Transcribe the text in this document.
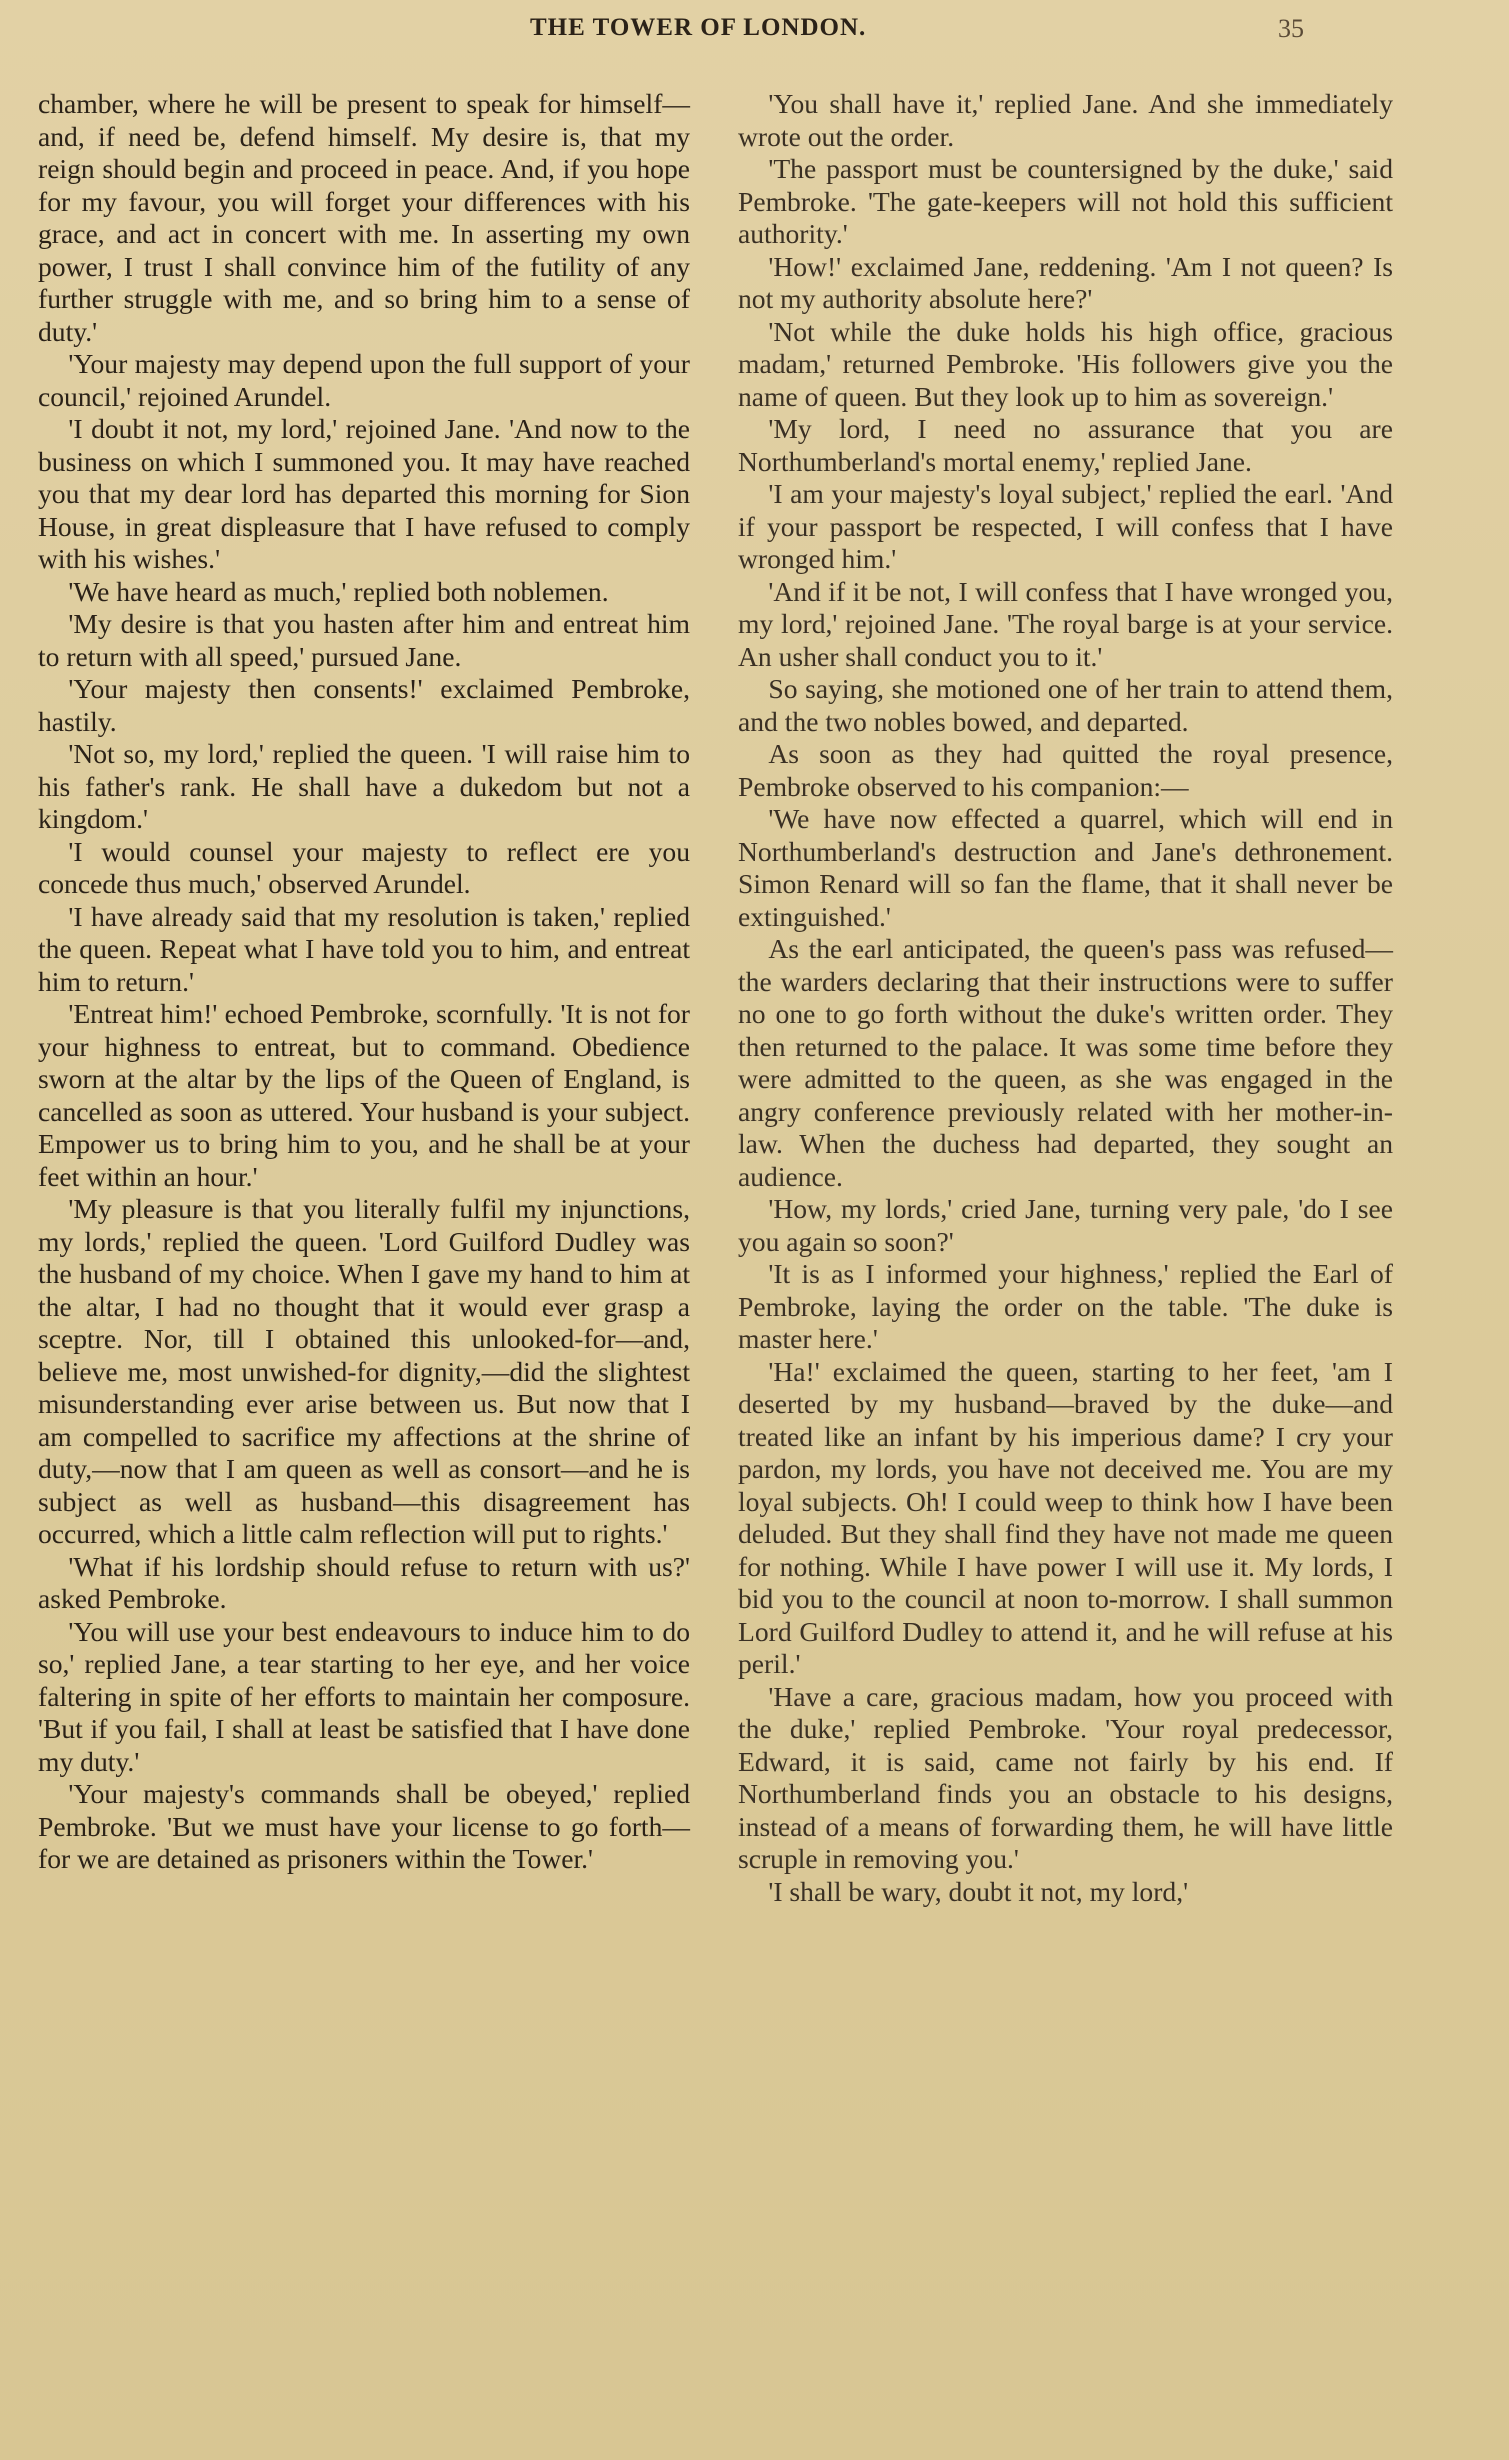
THE TOWER OF LONDON.	35

chamber, where he will be present to speak for himself—and, if need be, defend himself. My desire is, that my reign should begin and proceed in peace. And, if you hope for my favour, you will forget your differences with his grace, and act in concert with me. In asserting my own power, I trust I shall convince him of the futility of any further struggle with me, and so bring him to a sense of duty.'

'Your majesty may depend upon the full support of your council,' rejoined Arundel.

'I doubt it not, my lord,' rejoined Jane. 'And now to the business on which I summoned you. It may have reached you that my dear lord has departed this morning for Sion House, in great displeasure that I have refused to comply with his wishes.'

'We have heard as much,' replied both noblemen.

'My desire is that you hasten after him and entreat him to return with all speed,' pursued Jane.

'Your majesty then consents!' exclaimed Pembroke, hastily.

'Not so, my lord,' replied the queen. 'I will raise him to his father's rank. He shall have a dukedom but not a kingdom.'

'I would counsel your majesty to reflect ere you concede thus much,' observed Arundel.

'I have already said that my resolution is taken,' replied the queen. Repeat what I have told you to him, and entreat him to return.'

'Entreat him!' echoed Pembroke, scornfully. 'It is not for your highness to entreat, but to command. Obedience sworn at the altar by the lips of the Queen of England, is cancelled as soon as uttered. Your husband is your subject. Empower us to bring him to you, and he shall be at your feet within an hour.'

'My pleasure is that you literally fulfil my injunctions, my lords,' replied the queen. 'Lord Guilford Dudley was the husband of my choice. When I gave my hand to him at the altar, I had no thought that it would ever grasp a sceptre. Nor, till I obtained this unlooked-for—and, believe me, most unwished-for dignity,—did the slightest misunderstanding ever arise between us. But now that I am compelled to sacrifice my affections at the shrine of duty,—now that I am queen as well as consort—and he is subject as well as husband—this disagreement has occurred, which a little calm reflection will put to rights.'

'What if his lordship should refuse to return with us?' asked Pembroke.

'You will use your best endeavours to induce him to do so,' replied Jane, a tear starting to her eye, and her voice faltering in spite of her efforts to maintain her composure. 'But if you fail, I shall at least be satisfied that I have done my duty.'

'Your majesty's commands shall be obeyed,' replied Pembroke. 'But we must have your license to go forth—for we are detained as prisoners within the Tower.'

'You shall have it,' replied Jane. And she immediately wrote out the order.

'The passport must be countersigned by the duke,' said Pembroke. 'The gate-keepers will not hold this sufficient authority.'

'How!' exclaimed Jane, reddening. 'Am I not queen? Is not my authority absolute here?'

'Not while the duke holds his high office, gracious madam,' returned Pembroke. 'His followers give you the name of queen. But they look up to him as sovereign.'

'My lord, I need no assurance that you are Northumberland's mortal enemy,' replied Jane.

'I am your majesty's loyal subject,' replied the earl. 'And if your passport be respected, I will confess that I have wronged him.'

'And if it be not, I will confess that I have wronged you, my lord,' rejoined Jane. 'The royal barge is at your service. An usher shall conduct you to it.'

So saying, she motioned one of her train to attend them, and the two nobles bowed, and departed.

As soon as they had quitted the royal presence, Pembroke observed to his companion:—

'We have now effected a quarrel, which will end in Northumberland's destruction and Jane's dethronement. Simon Renard will so fan the flame, that it shall never be extinguished.'

As the earl anticipated, the queen's pass was refused—the warders declaring that their instructions were to suffer no one to go forth without the duke's written order. They then returned to the palace. It was some time before they were admitted to the queen, as she was engaged in the angry conference previously related with her mother-in-law. When the duchess had departed, they sought an audience.

'How, my lords,' cried Jane, turning very pale, 'do I see you again so soon?'

'It is as I informed your highness,' replied the Earl of Pembroke, laying the order on the table. 'The duke is master here.'

'Ha!' exclaimed the queen, starting to her feet, 'am I deserted by my husband—braved by the duke—and treated like an infant by his imperious dame? I cry your pardon, my lords, you have not deceived me. You are my loyal subjects. Oh! I could weep to think how I have been deluded. But they shall find they have not made me queen for nothing. While I have power I will use it. My lords, I bid you to the council at noon to-morrow. I shall summon Lord Guilford Dudley to attend it, and he will refuse at his peril.'

'Have a care, gracious madam, how you proceed with the duke,' replied Pembroke. 'Your royal predecessor, Edward, it is said, came not fairly by his end. If Northumberland finds you an obstacle to his designs, instead of a means of forwarding them, he will have little scruple in removing you.'

'I shall be wary, doubt it not, my lord,'
